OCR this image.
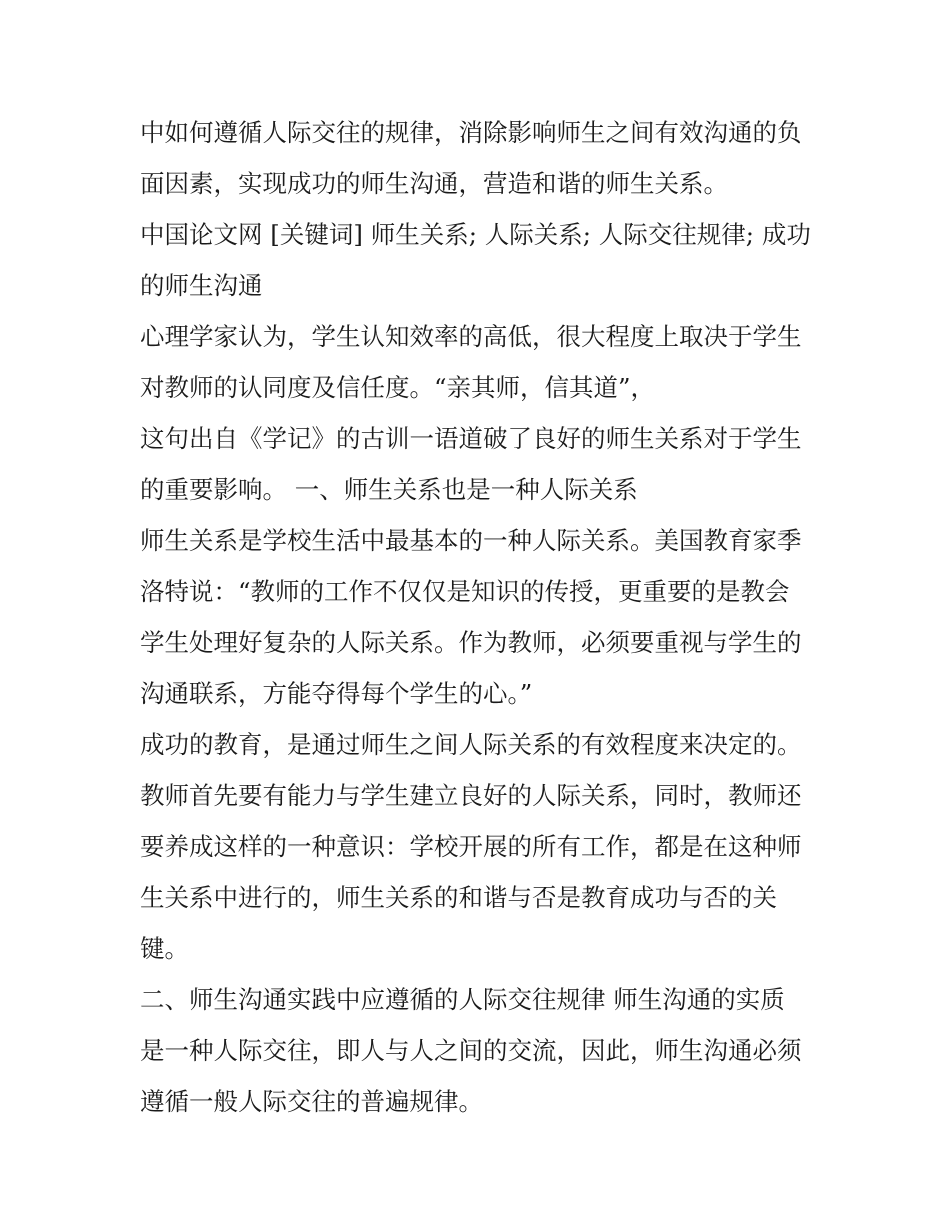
中如何遵循人际交往的规律，消除影响师生之间有效沟通的负

面因素，实现成功的师生沟通，营造和谐的师生关系。

中国论文网 [关键词] 师生关系; 人际关系; 人际交往规律; 成功

的师生沟通

心理学家认为，学生认知效率的高低，很大程度上取决于学生

对教师的认同度及信任度。“亲其师，信其道”，

这句出自《学记》的古训一语道破了良好的师生关系对于学生

的重要影响。 一、师生关系也是一种人际关系

师生关系是学校生活中最基本的一种人际关系。美国教育家季

洛特说：“教师的工作不仅仅是知识的传授，更重要的是教会

学生处理好复杂的人际关系。作为教师，必须要重视与学生的

沟通联系，方能夺得每个学生的心。”

成功的教育，是通过师生之间人际关系的有效程度来决定的。

教师首先要有能力与学生建立良好的人际关系，同时，教师还

要养成这样的一种意识：学校开展的所有工作，都是在这种师

生关系中进行的，师生关系的和谐与否是教育成功与否的关

键。

二、师生沟通实践中应遵循的人际交往规律 师生沟通的实质

是一种人际交往，即人与人之间的交流，因此，师生沟通必须

遵循一般人际交往的普遍规律。
